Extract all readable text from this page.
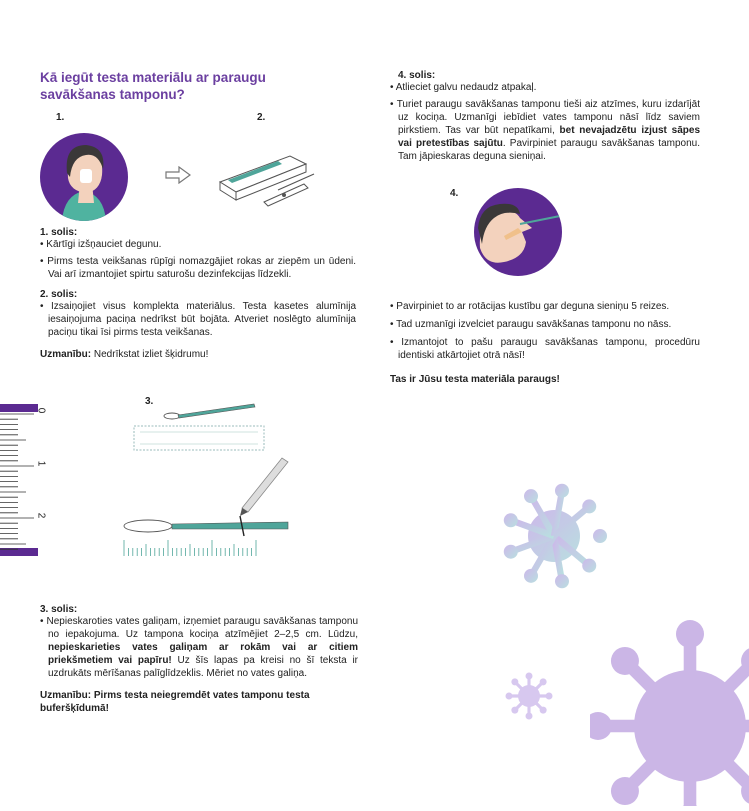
Kā iegūt testa materiālu ar paraugu savākšanas tamponu?
1.	2.
1. solis:
• Kārtīgi izšņauciet degunu.
• Pirms testa veikšanas rūpīgi nomazgājiet rokas ar ziepēm un ūdeni. Vai arī izmantojiet spirtu saturošu dezinfekcijas līdzekli.
2. solis:
• Izsaiņojiet visus komplekta materiālus. Testa kasetes alumīnija iesaiņojuma paciņa nedrīkst būt bojāta. Atveriet noslēgto alumīnija paciņu tikai īsi pirms testa veikšanas.
Uzmanību: Nedrīkstat izliet šķidrumu!
0
1
2
3.
3. solis:
• Nepieskaroties vates galiņam, izņemiet paraugu savākšanas tamponu no iepakojuma. Uz tampona kociņa atzīmējiet 2–2,5 cm. Lūdzu, nepieskarieties vates galiņam ar rokām vai ar citiem priekšmetiem vai papīru! Uz šīs lapas pa kreisi no šī teksta ir uzdrukāts mērīšanas palīglīdzeklis. Mēriet no vates galiņa.
Uzmanību: Pirms testa neiegremdēt vates tamponu testa buferšķīdumā!
4. solis:
• Atlieciet galvu nedaudz atpakaļ.
• Turiet paraugu savākšanas tamponu tieši aiz atzīmes, kuru izdarījāt uz kociņa. Uzmanīgi iebīdiet vates tamponu nāsī līdz saviem pirkstiem. Tas var būt nepatīkami, bet nevajadzētu izjust sāpes vai pretestības sajūtu. Pavirpiniet paraugu savākšanas tamponu. Tam jāpieskaras deguna sieniņai.
4.
• Pavirpiniet to ar rotācijas kustību gar deguna sieniņu 5 reizes.
• Tad uzmanīgi izvelciet paraugu savākšanas tamponu no nāss.
• Izmantojot to pašu paraugu savākšanas tamponu, procedūru identiski atkārtojiet otrā nāsī!
Tas ir Jūsu testa materiāla paraugs!
